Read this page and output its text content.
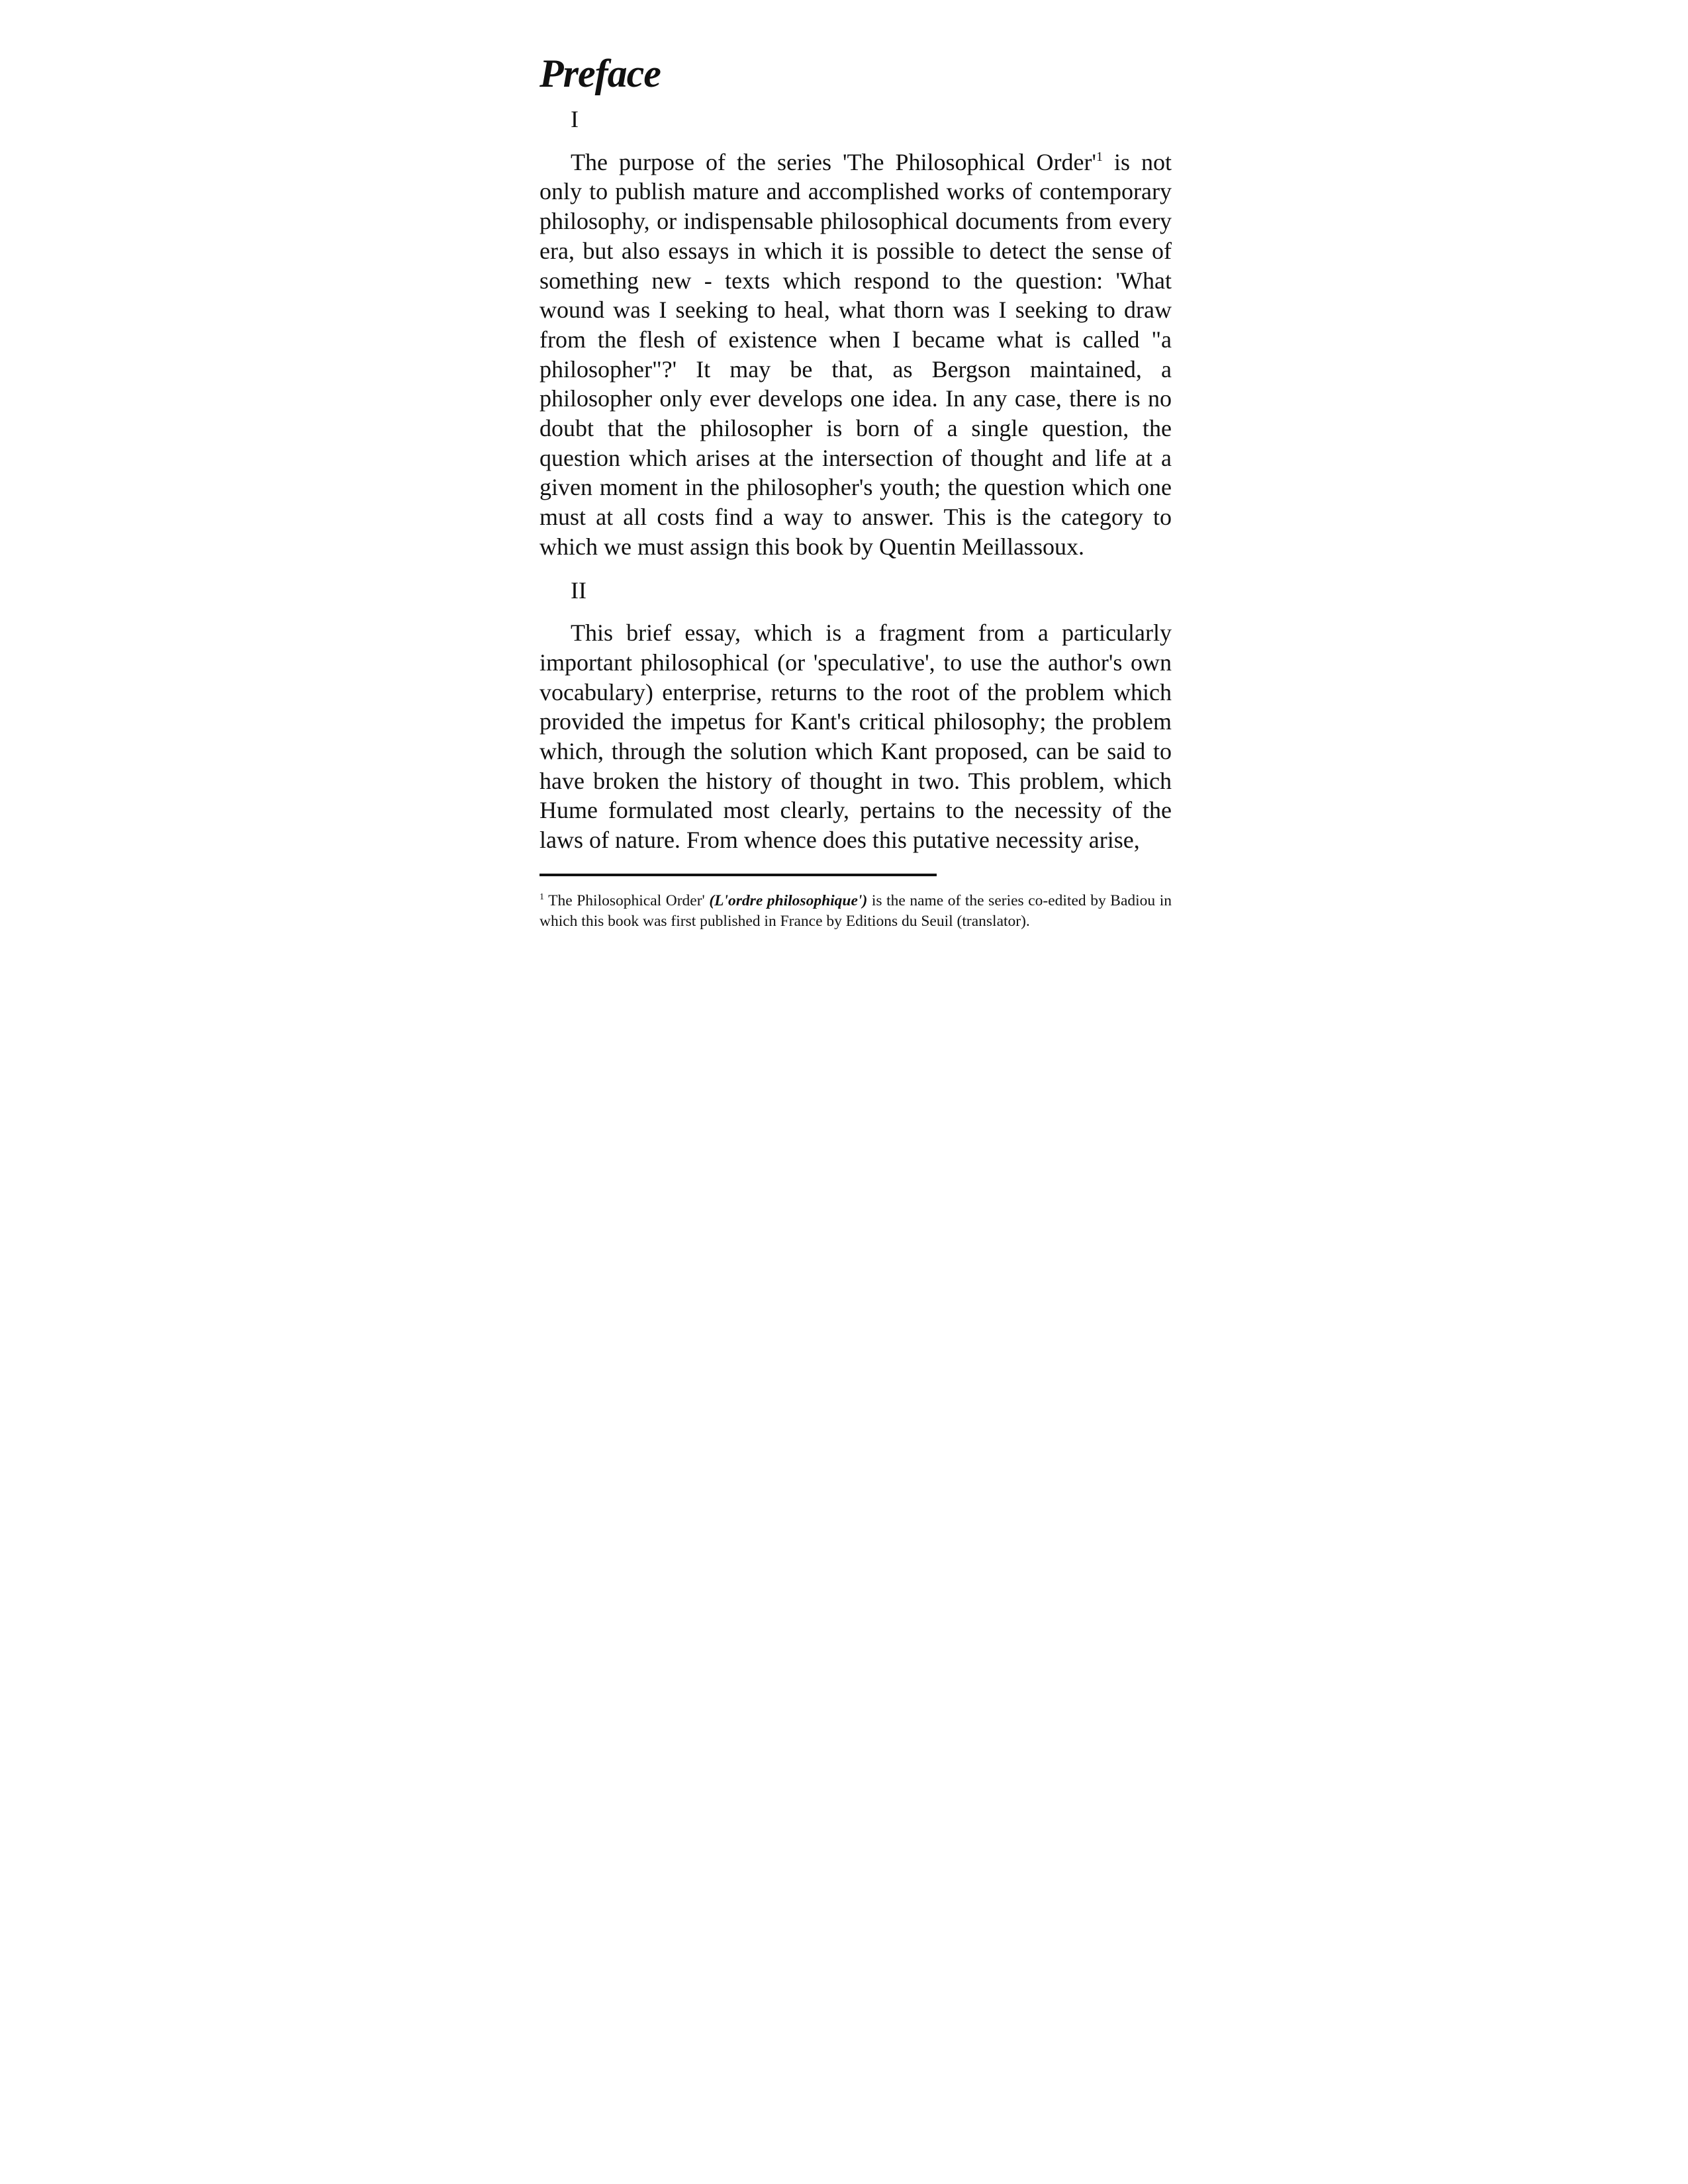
Preface
I

The purpose of the series 'The Philosophical Order'$^1$ is not only to publish mature and accomplished works of contemporary philosophy, or indispensable philosophical documents from every era, but also essays in which it is possible to detect the sense of something new - texts which respond to the question: 'What wound was I seeking to heal, what thorn was I seeking to draw from the flesh of existence when I became what is called "a philosopher"?' It may be that, as Bergson maintained, a philosopher only ever develops one idea. In any case, there is no doubt that the philosopher is born of a single question, the question which arises at the intersection of thought and life at a given moment in the philosopher's youth; the question which one must at all costs find a way to answer. This is the category to which we must assign this book by Quentin Meillassoux.

II

This brief essay, which is a fragment from a particularly important philosophical (or 'speculative', to use the author's own vocabulary) enterprise, returns to the root of the problem which provided the impetus for Kant's critical philosophy; the problem which, through the solution which Kant proposed, can be said to have broken the history of thought in two. This problem, which Hume formulated most clearly, pertains to the necessity of the laws of nature. From whence does this putative necessity arise,

$^1$ The Philosophical Order' (L'ordre philosophique') is the name of the series co-edited by Badiou in which this book was first published in France by Editions du Seuil (translator).
